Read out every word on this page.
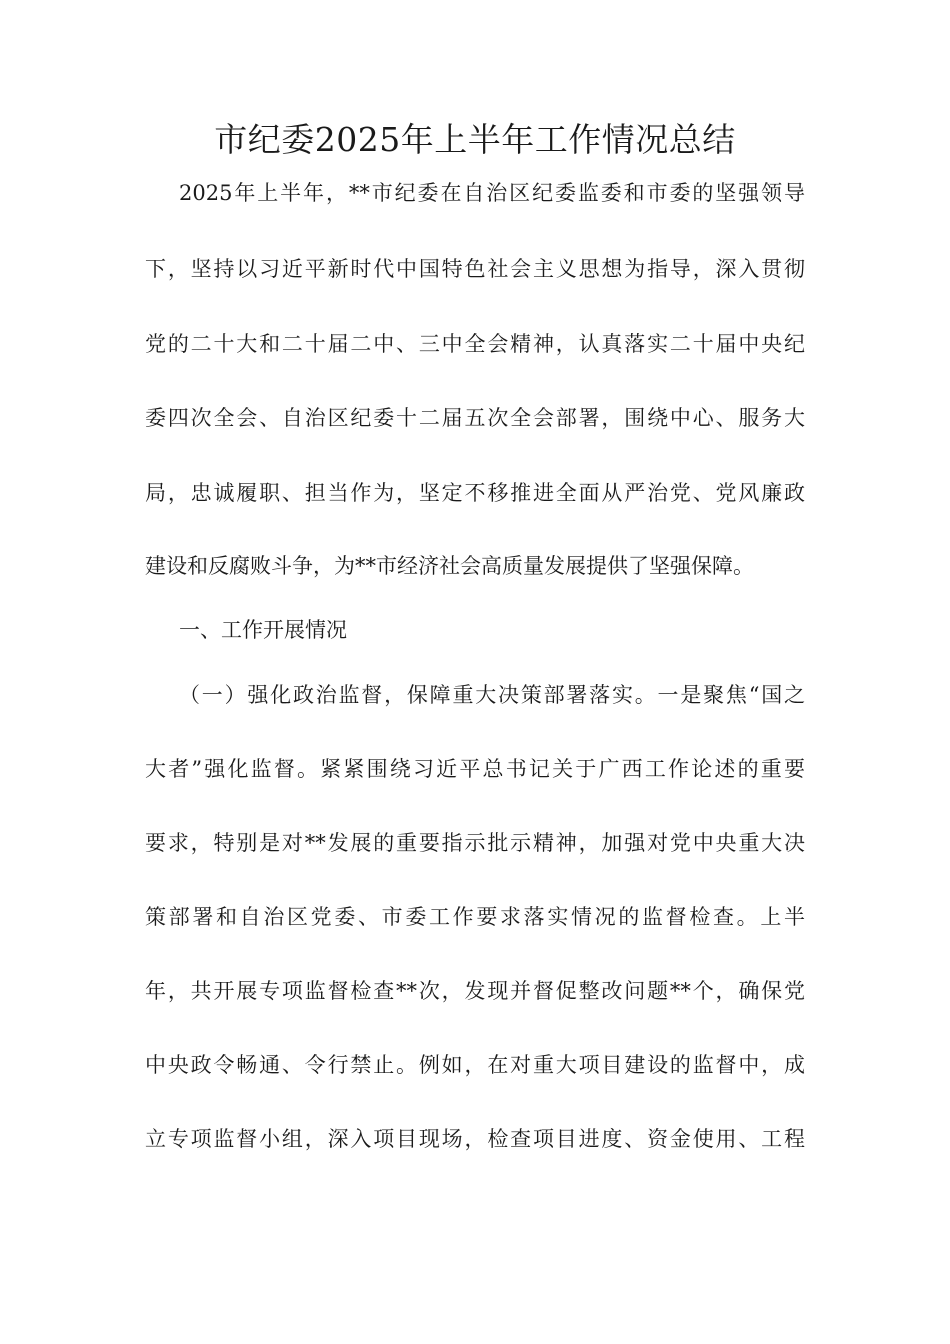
市纪委2025年上半年工作情况总结
2025年上半年，**市纪委在自治区纪委监委和市委的坚强领导
下，坚持以习近平新时代中国特色社会主义思想为指导，深入贯彻
党的二十大和二十届二中、三中全会精神，认真落实二十届中央纪
委四次全会、自治区纪委十二届五次全会部署，围绕中心、服务大
局，忠诚履职、担当作为，坚定不移推进全面从严治党、党风廉政
建设和反腐败斗争，为**市经济社会高质量发展提供了坚强保障。
一、工作开展情况
（一）强化政治监督，保障重大决策部署落实。一是聚焦“国之
大者”强化监督。紧紧围绕习近平总书记关于广西工作论述的重要
要求，特别是对**发展的重要指示批示精神，加强对党中央重大决
策部署和自治区党委、市委工作要求落实情况的监督检查。上半
年，共开展专项监督检查**次，发现并督促整改问题**个，确保党
中央政令畅通、令行禁止。例如，在对重大项目建设的监督中，成
立专项监督小组，深入项目现场，检查项目进度、资金使用、工程
